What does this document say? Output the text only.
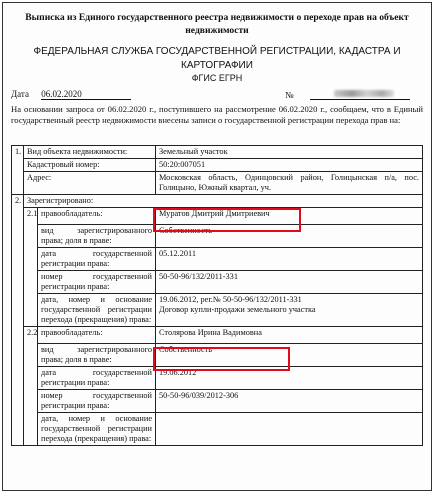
Выписка из Единого государственного реестра недвижимости о переходе прав на объект недвижимости
ФЕДЕРАЛЬНАЯ СЛУЖБА ГОСУДАРСТВЕННОЙ РЕГИСТРАЦИИ, КАДАСТРА И КАРТОГРАФИИ
ФГИС ЕГРН
Дата 06.02.2020	№
На основании запроса от 06.02.2020 г., поступившего на рассмотрение 06.02.2020 г., сообщаем, что в Единый государственный реестр недвижимости внесены записи о государственной регистрации перехода прав на:
1.	Вид объекта недвижимости:		Земельный участок
	Кадастровый номер:		50:20:007051
	Адрес:		Московская область, Одинцовский район, Голицынская п/а, пос. Голицыно, Южный квартал, уч.
2.	Зарегистрировано:		
	2.1	правообладатель:	Муратов Дмитрий Дмитриевич
		вид зарегистрированного права; доля в праве:	Собственность
		дата государственной регистрации права:	05.12.2011
		номер государственной регистрации права:	50-50-96/132/2011-331
		дата, номер и основание государственной регистрации перехода (прекращения) права:	19.06.2012, рег.№ 50-50-96/132/2011-331
Договор купли-продажи земельного участка

	2.2	правообладатель:	Столярова Ирина Вадимовна
		вид зарегистрированного права; доля в праве:	Собственность
		дата государственной регистрации права:	19.06.2012
		номер государственной регистрации права:	50-50-96/039/2012-306
		дата, номер и основание государственной регистрации перехода (прекращения) права:	
